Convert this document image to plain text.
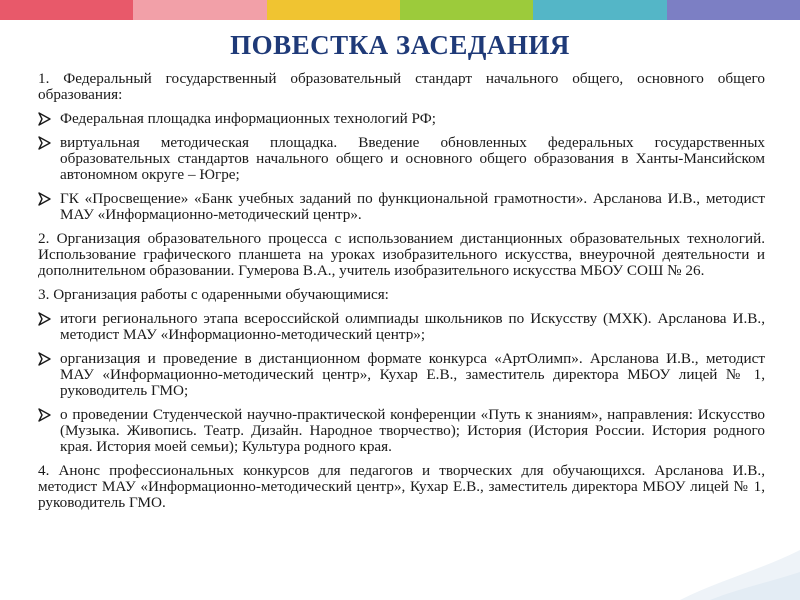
ПОВЕСТКА ЗАСЕДАНИЯ
1. Федеральный государственный образовательный стандарт начального общего, основного общего образования:
Федеральная площадка информационных технологий РФ;
виртуальная методическая площадка. Введение обновленных федеральных государственных образовательных стандартов начального общего и основного общего образования в Ханты-Мансийском автономном округе – Югре;
ГК «Просвещение» «Банк учебных заданий по функциональной грамотности». Арсланова И.В., методист МАУ «Информационно-методический центр».
2. Организация образовательного процесса с использованием дистанционных образовательных технологий. Использование графического планшета на уроках изобразительного искусства, внеурочной деятельности и дополнительном образовании. Гумерова В.А., учитель изобразительного искусства МБОУ СОШ № 26.
3. Организация работы с одаренными обучающимися:
итоги регионального этапа всероссийской олимпиады школьников по Искусству (МХК). Арсланова И.В., методист МАУ «Информационно-методический центр»;
организация и проведение в дистанционном формате конкурса «АртОлимп». Арсланова И.В., методист МАУ «Информационно-методический центр», Кухар Е.В., заместитель директора МБОУ лицей № 1, руководитель ГМО;
о проведении Студенческой научно-практической конференции «Путь к знаниям», направления: Искусство (Музыка. Живопись. Театр. Дизайн. Народное творчество); История (История России. История родного края. История моей семьи); Культура родного края.
4. Анонс профессиональных конкурсов для педагогов и творческих для обучающихся. Арсланова И.В., методист МАУ «Информационно-методический центр», Кухар Е.В., заместитель директора МБОУ лицей № 1, руководитель ГМО.
